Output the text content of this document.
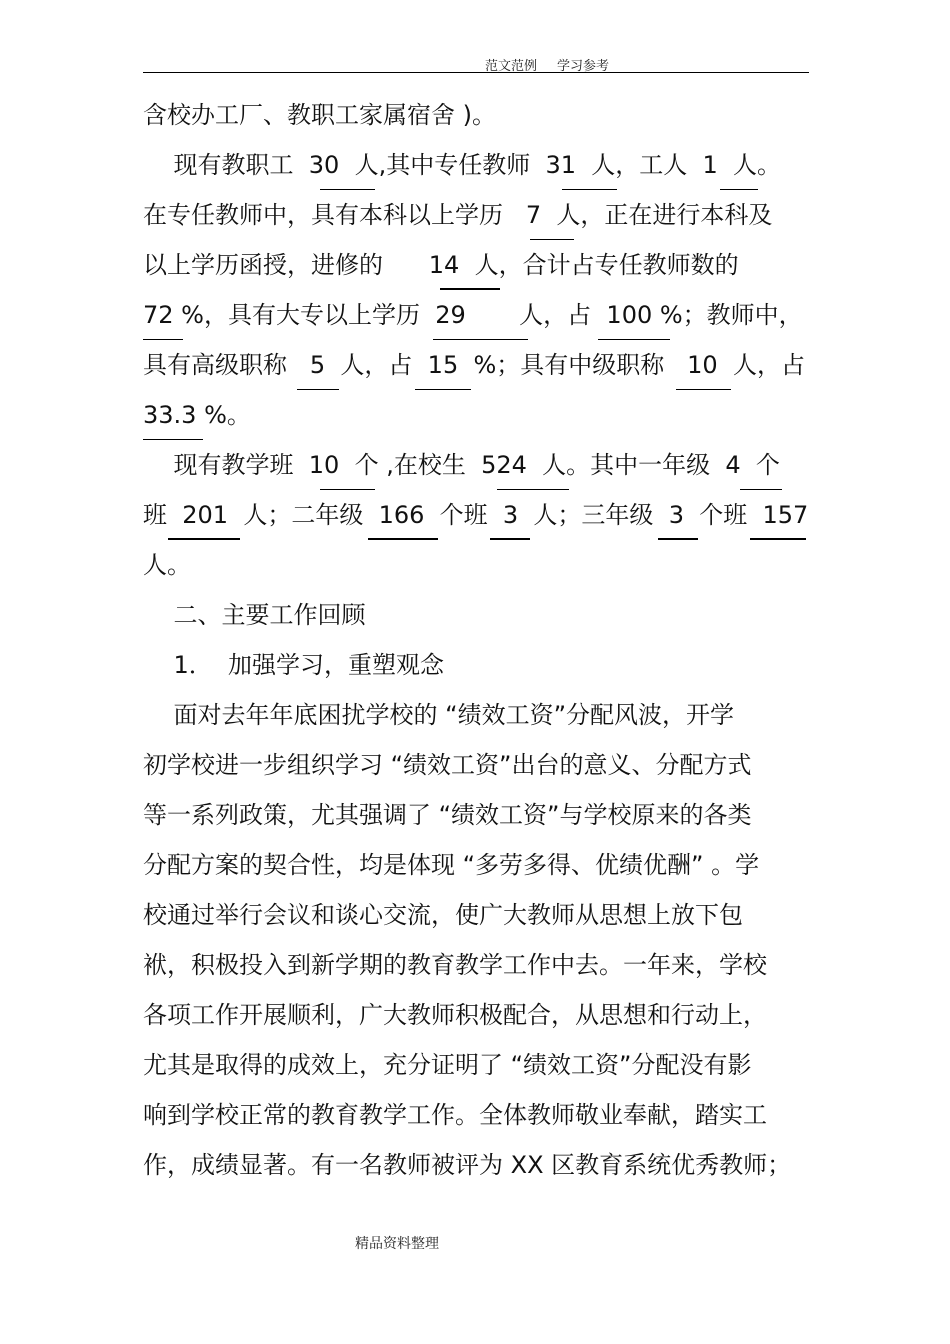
范文范例 学习参考
含校办工厂、教职工家属宿舍 )。
现有教职工  30  人,其中专任教师  31  人，工人  1  人。
在专任教师中，具有本科以上学历   7  人，正在进行本科及
以上学历函授，进修的      14  人，合计占专任教师数的
72 %，具有大专以上学历  29       人，占  100 %；教师中，
具有高级职称   5  人，占  15  %；具有中级职称   10  人，占
33.3 %。
现有教学班  10  个 ,在校生  524  人。其中一年级  4  个
班  201  人；二年级  166  个班  3  人；三年级  3  个班  157
人。
二、主要工作回顾
1．  加强学习，重塑观念
面对去年年底困扰学校的 “绩效工资”分配风波，开学
初学校进一步组织学习 “绩效工资”出台的意义、分配方式
等一系列政策，尤其强调了 “绩效工资”与学校原来的各类
分配方案的契合性，均是体现 “多劳多得、优绩优酬” 。学
校通过举行会议和谈心交流，使广大教师从思想上放下包
袱，积极投入到新学期的教育教学工作中去。一年来，学校
各项工作开展顺利，广大教师积极配合，从思想和行动上，
尤其是取得的成效上，充分证明了 “绩效工资”分配没有影
响到学校正常的教育教学工作。全体教师敬业奉献，踏实工
作，成绩显著。有一名教师被评为 XX 区教育系统优秀教师；
精品资料整理
